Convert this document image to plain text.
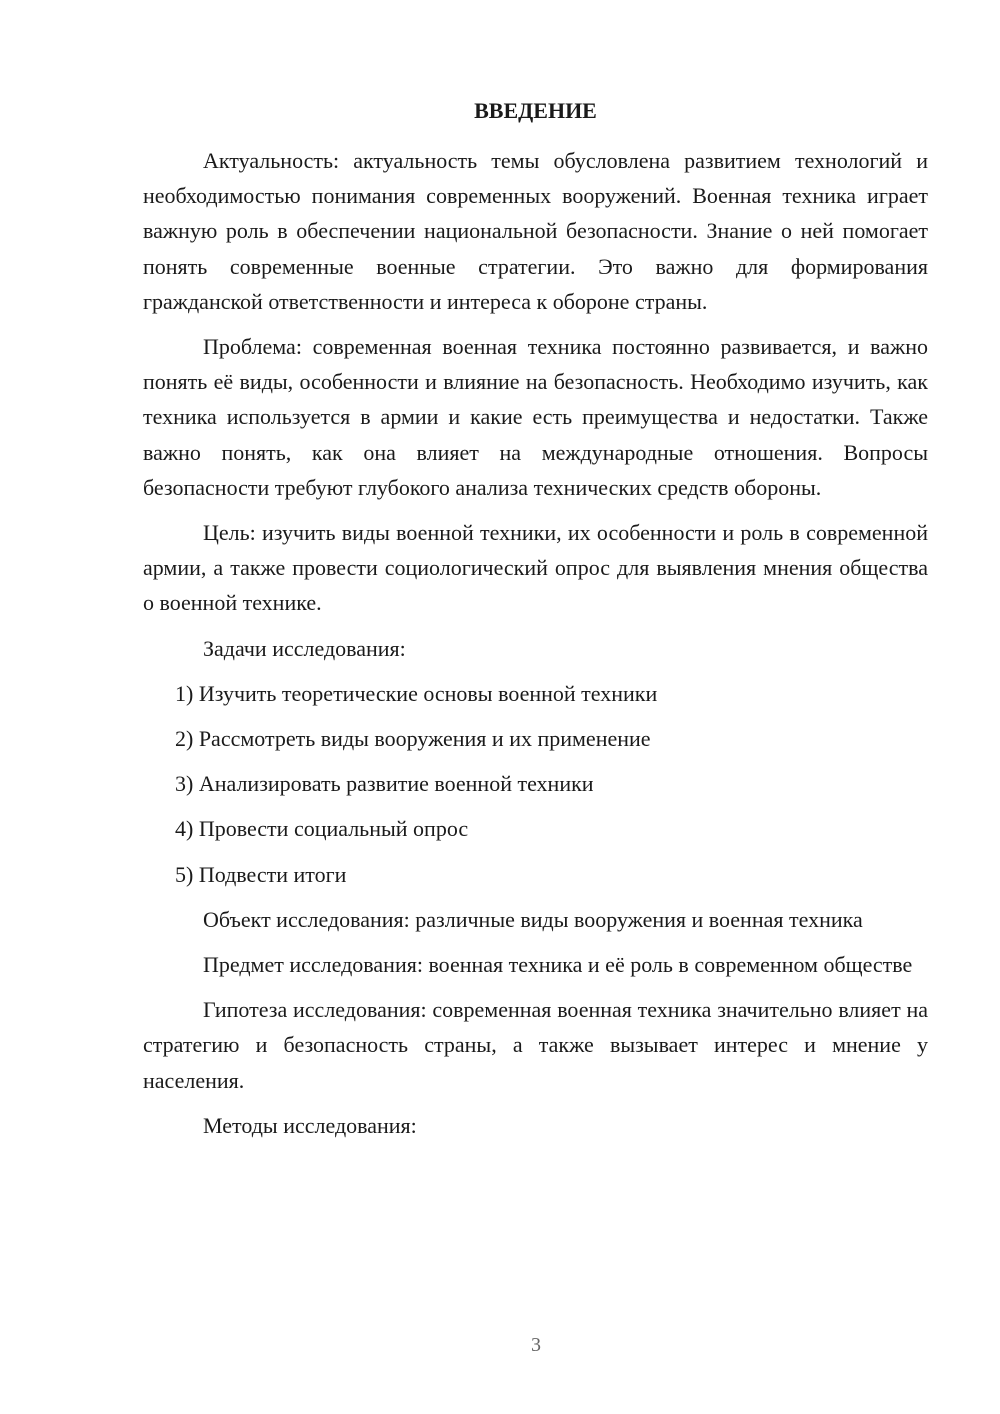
ВВЕДЕНИЕ

Актуальность: актуальность темы обусловлена развитием технологий и необходимостью понимания современных вооружений. Военная техника играет важную роль в обеспечении национальной безопасности. Знание о ней помогает понять современные военные стратегии. Это важно для формирования гражданской ответственности и интереса к обороне страны.

Проблема: современная военная техника постоянно развивается, и важно понять её виды, особенности и влияние на безопасность. Необходимо изучить, как техника используется в армии и какие есть преимущества и недостатки. Также важно понять, как она влияет на международные отношения. Вопросы безопасности требуют глубокого анализа технических средств обороны.

Цель: изучить виды военной техники, их особенности и роль в современной армии, а также провести социологический опрос для выявления мнения общества о военной технике.

Задачи исследования:

1) Изучить теоретические основы военной техники

2) Рассмотреть виды вооружения и их применение

3) Анализировать развитие военной техники

4) Провести социальный опрос

5) Подвести итоги

Объект исследования: различные виды вооружения и военная техника

Предмет исследования: военная техника и её роль в современном обществе

Гипотеза исследования: современная военная техника значительно влияет на стратегию и безопасность страны, а также вызывает интерес и мнение у населения.

Методы исследования:

3
